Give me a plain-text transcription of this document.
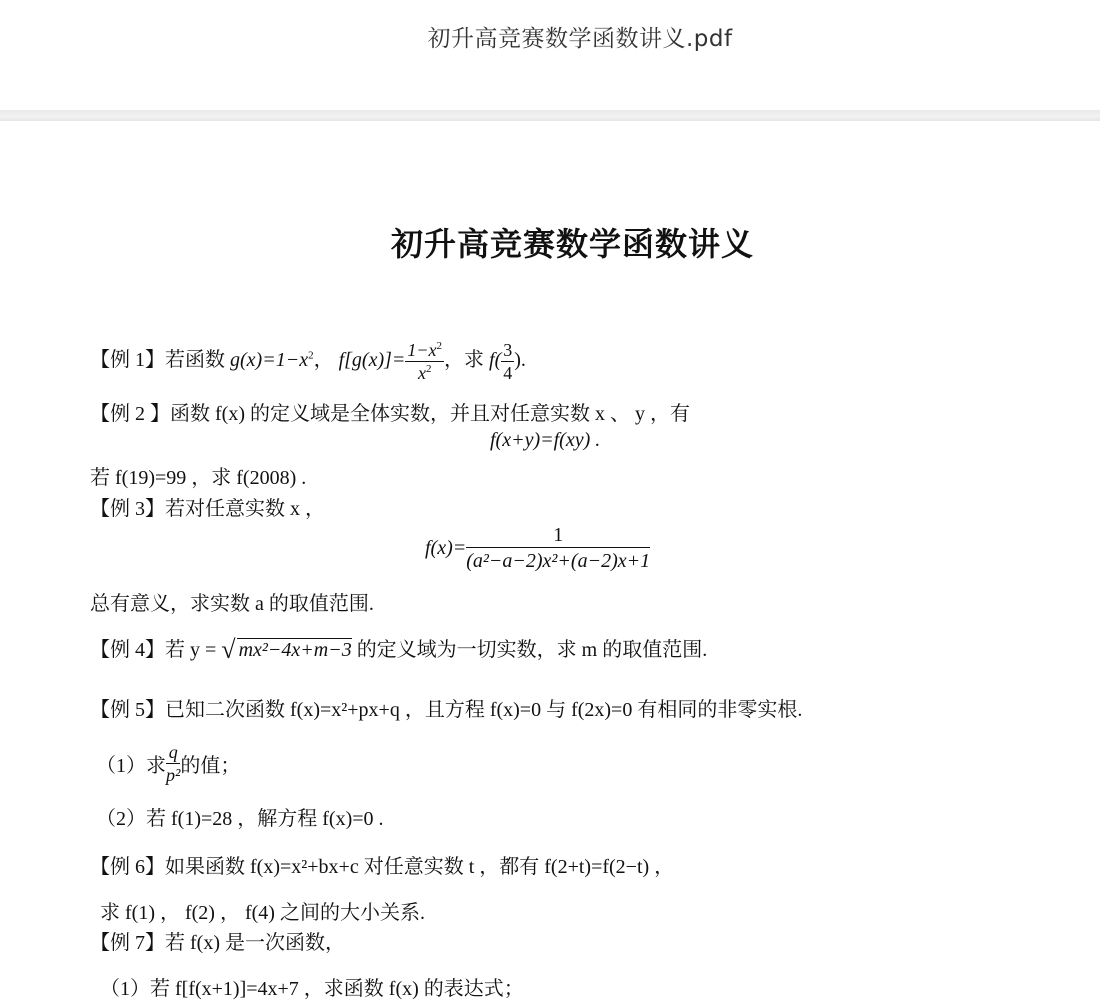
初升高竞赛数学函数讲义.pdf
初升高竞赛数学函数讲义
【例 1】若函数 $g(x)=1-x^2$， $f[g(x)]= \frac{1-x^2}{x^2}$ ，求 $f( \frac{3}{4}$ ).
【例 2 】函数 f(x) 的定义域是全体实数，并且对任意实数 x 、 y ，有
f(x+y)=f(xy) .
若 f(19)=99 ，求 f(2008) .
【例 3】若对任意实数 x ，
$f(x)= \frac{1}{\text{(a²−a−2)x²+(a−2)x+1}}$
总有意义，求实数 a 的取值范围.
【例 4】若 y = √ mx²−4x+m−3 的定义域为一切实数，求 m 的取值范围.
【例 5】已知二次函数 f(x)=x²+px+q ，且方程 f(x)=0 与 f(2x)=0 有相同的非零实根.
（1）求 $\frac{q}{\text{p²}}$ 的值；
（2）若 f(1)=28 ，解方程 f(x)=0 .
【例 6】如果函数 f(x)=x²+bx+c 对任意实数 t ，都有 f(2+t)=f(2−t) ，
求 f(1) ， f(2) ， f(4) 之间的大小关系.
【例 7】若 f(x) 是一次函数，
（1）若 f[f(x+1)]=4x+7 ，求函数 f(x) 的表达式；
